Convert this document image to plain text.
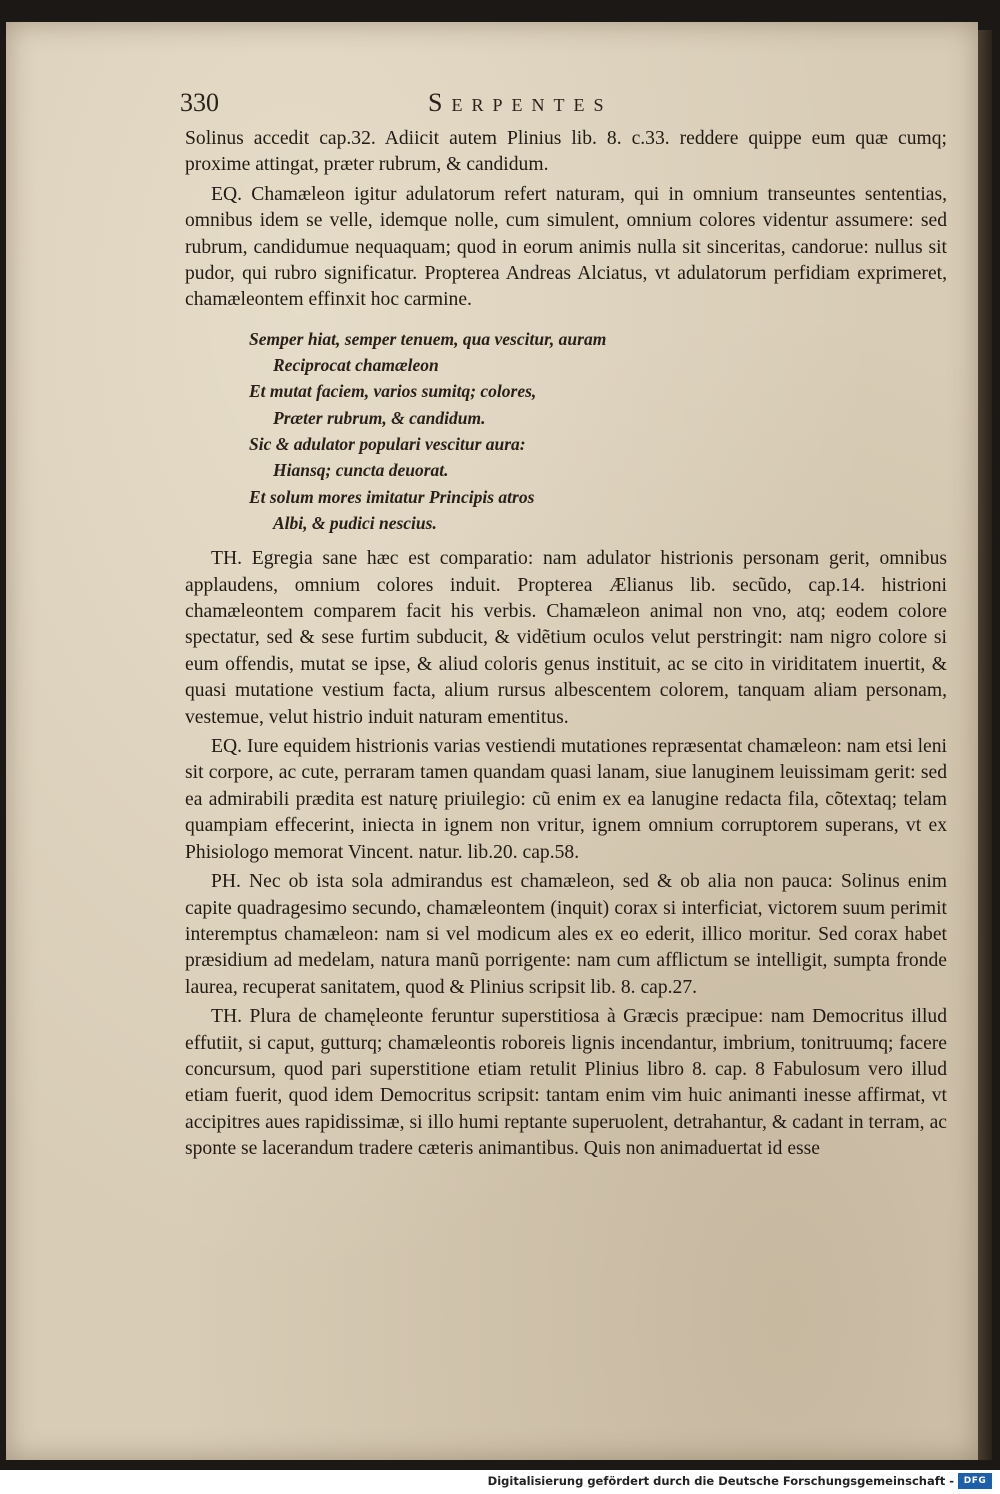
330	Serpentes

Solinus accedit cap.32. Adiicit autem Plinius lib. 8. c.33. reddere quippe eum quæ cumq; proxime attingat, præter rubrum, & candidum.

EQ. Chamæleon igitur adulatorum refert naturam, qui in omnium transeuntes sententias, omnibus idem se velle, idemque nolle, cum simulent, omnium colores videntur assumere: sed rubrum, candidumue nequaquam; quod in eorum animis nulla sit sinceritas, candorue: nullus sit pudor, qui rubro significatur. Propterea Andreas Alciatus, vt adulatorum perfidiam exprimeret, chamæleontem effinxit hoc carmine.

Semper hiat, semper tenuem, qua vescitur, auram
Reciprocat chamæleon
Et mutat faciem, varios sumitq; colores,
Præter rubrum, & candidum.
Sic & adulator populari vescitur aura:
Hiansq; cuncta deuorat.
Et solum mores imitatur Principis atros
Albi, & pudici nescius.

TH. Egregia sane hæc est comparatio: nam adulator histrionis personam gerit, omnibus applaudens, omnium colores induit. Propterea Ælianus lib. secũdo, cap.14. histrioni chamæleontem comparem facit his verbis. Chamæleon animal non vno, atq; eodem colore spectatur, sed & sese furtim subducit, & vidẽtium oculos velut perstringit: nam nigro colore si eum offendis, mutat se ipse, & aliud coloris genus instituit, ac se cito in viriditatem inuertit, & quasi mutatione vestium facta, alium rursus albescentem colorem, tanquam aliam personam, vestemue, velut histrio induit naturam ementitus.

EQ. Iure equidem histrionis varias vestiendi mutationes repræsentat chamæleon: nam etsi leni sit corpore, ac cute, perraram tamen quandam quasi lanam, siue lanuginem leuissimam gerit: sed ea admirabili prædita est naturę priuilegio: cũ enim ex ea lanugine redacta fila, cõtextaq; telam quampiam effecerint, iniecta in ignem non vritur, ignem omnium corruptorem superans, vt ex Phisiologo memorat Vincent. natur. lib.20. cap.58.

PH. Nec ob ista sola admirandus est chamæleon, sed & ob alia non pauca: Solinus enim capite quadragesimo secundo, chamæleontem (inquit) corax si interficiat, victorem suum perimit interemptus chamæleon: nam si vel modicum ales ex eo ederit, illico moritur. Sed corax habet præsidium ad medelam, natura manũ porrigente: nam cum afflictum se intelligit, sumpta fronde laurea, recuperat sanitatem, quod & Plinius scripsit lib. 8. cap.27.

TH. Plura de chamęleonte feruntur superstitiosa à Græcis præcipue: nam Democritus illud effutiit, si caput, gutturq; chamæleontis roboreis lignis incendantur, imbrium, tonitruumq; facere concursum, quod pari superstitione etiam retulit Plinius libro 8. cap. 8 Fabulosum vero illud etiam fuerit, quod idem Democritus scripsit: tantam enim vim huic animanti inesse affirmat, vt accipitres aues rapidissimæ, si illo humi reptante superuolent, detrahantur, & cadant in terram, ac sponte se lacerandum tradere cæteris animantibus. Quis non animaduertat id esse

Digitalisierung gefördert durch die Deutsche Forschungsgemeinschaft -	DFG
